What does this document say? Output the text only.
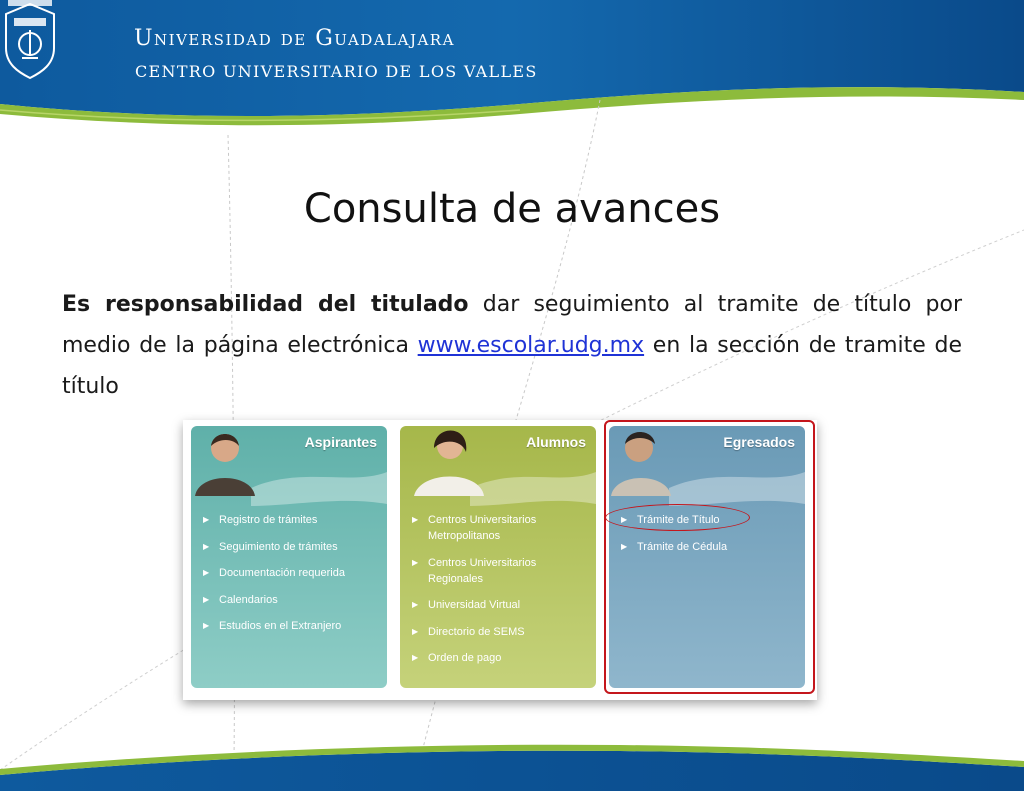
Universidad de Guadalajara
CENTRO UNIVERSITARIO DE LOS VALLES
Consulta de avances
Es responsabilidad del titulado dar seguimiento al tramite de título por medio de la página electrónica www.escolar.udg.mx en la sección de tramite de título
Aspirantes
▶ Registro de trámites
▶ Seguimiento de trámites
▶ Documentación requerida
▶ Calendarios
▶ Estudios en el Extranjero
Alumnos
▶ Centros Universitarios Metropolitanos
▶ Centros Universitarios Regionales
▶ Universidad Virtual
▶ Directorio de SEMS
▶ Orden de pago
Egresados
▶ Trámite de Título
▶ Trámite de Cédula
